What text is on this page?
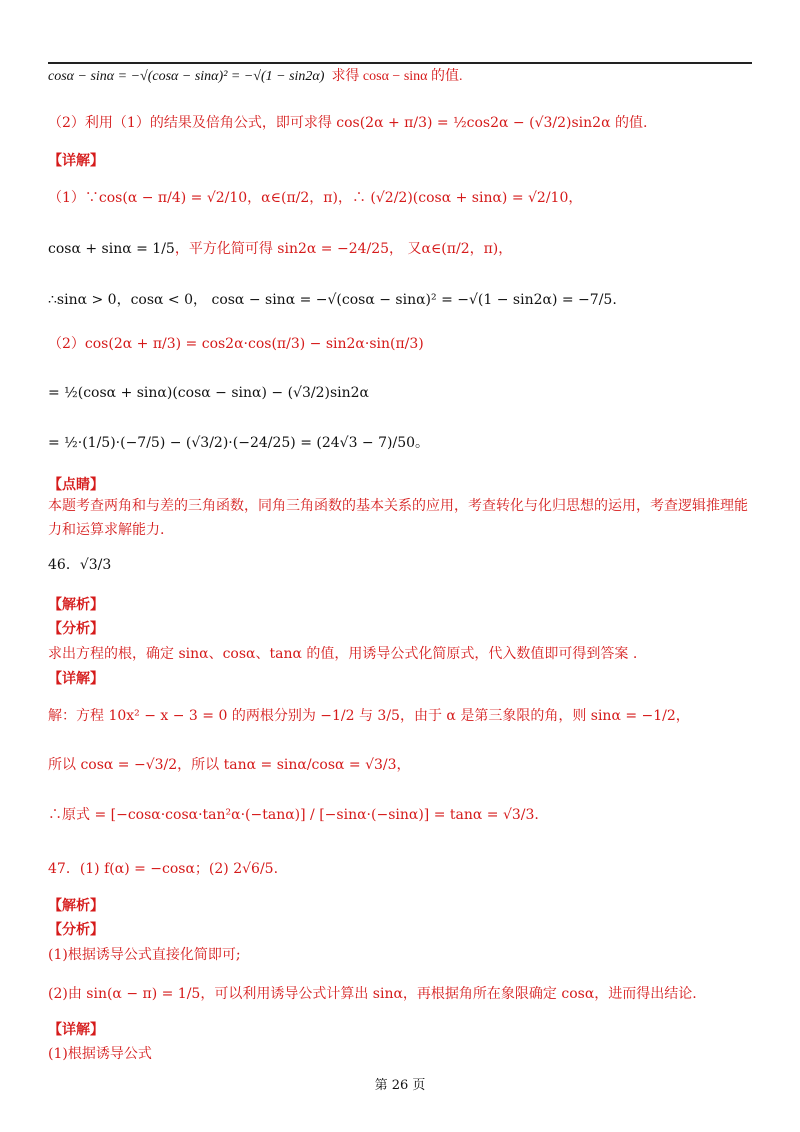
cosα − sinα = −√(cosα − sinα)² = −√(1 − sin2α) 求得 cosα − sinα 的值.
（2）利用（1）的结果及倍角公式，即可求得 cos(2α + π/3) = ½cos2α − (√3/2)sin2α 的值.
【详解】
（1）∵cos(α − π/4) = √2/10，α∈(π/2，π)，∴ (√2/2)(cosα + sinα) = √2/10，
cosα + sinα = 1/5，平方化简可得 sin2α = −24/25， 又α∈(π/2，π)，
∴sinα > 0，cosα < 0， cosα − sinα = −√(cosα − sinα)² = −√(1 − sin2α) = −7/5.
（2）cos(2α + π/3) = cos2α·cos(π/3) − sin2α·sin(π/3)
= ½(cosα + sinα)(cosα − sinα) − (√3/2)sin2α
= ½·(1/5)·(−7/5) − (√3/2)·(−24/25) = (24√3 − 7)/50。
【点睛】
本题考查两角和与差的三角函数，同角三角函数的基本关系的应用，考查转化与化归思想的运用，考查逻辑推理能力和运算求解能力.
46．√3/3
【解析】
【分析】
求出方程的根，确定 sinα、cosα、tanα 的值，用诱导公式化简原式，代入数值即可得到答案 .
【详解】
解：方程 10x² − x − 3 = 0 的两根分别为 −1/2 与 3/5，由于 α 是第三象限的角，则 sinα = −1/2，
所以 cosα = −√3/2，所以 tanα = sinα/cosα = √3/3，
∴原式 = [−cosα·cosα·tan²α·(−tanα)] / [−sinα·(−sinα)] = tanα = √3/3.
47．(1) f(α) = −cosα；(2) 2√6/5.
【解析】
【分析】
(1)根据诱导公式直接化简即可;
(2)由 sin(α − π) = 1/5，可以利用诱导公式计算出 sinα，再根据角所在象限确定 cosα，进而得出结论.
【详解】
(1)根据诱导公式
第 26 页
